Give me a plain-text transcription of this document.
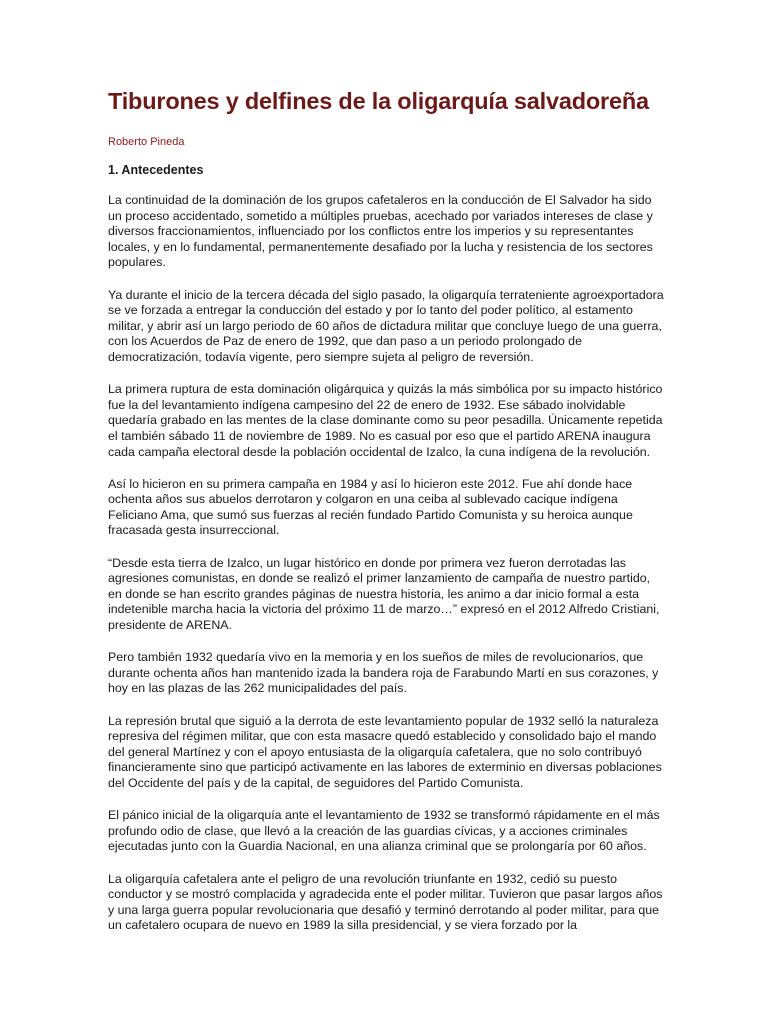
Tiburones y delfines de la oligarquía salvadoreña
Roberto Pineda
1. Antecedentes

La continuidad de la dominación de los grupos cafetaleros en la conducción de El Salvador ha sido un proceso accidentado, sometido a múltiples pruebas, acechado por variados intereses de clase y diversos fraccionamientos, influenciado por los conflictos entre los imperios y su representantes locales, y en lo fundamental, permanentemente desafiado por la lucha y resistencia de los sectores populares.

Ya durante el inicio de la tercera década del siglo pasado, la oligarquía terrateniente agroexportadora se ve forzada a entregar la conducción del estado y por lo tanto del poder político, al estamento militar, y abrir así un largo periodo de 60 años de dictadura militar que concluye luego de una guerra, con los Acuerdos de Paz de enero de 1992, que dan paso a un periodo prolongado de democratización, todavía vigente, pero siempre sujeta al peligro de reversión.

La primera ruptura de esta dominación oligárquica y quizás la más simbólica por su impacto histórico fue la del levantamiento indígena campesino del 22 de enero de 1932. Ese sábado inolvidable quedaría grabado en las mentes de la clase dominante como su peor pesadilla. Únicamente repetida el también sábado 11 de noviembre de 1989. No es casual por eso que el partido ARENA inaugura cada campaña electoral desde la población occidental de Izalco, la cuna indígena de la revolución.

Así lo hicieron en su primera campaña en 1984 y así lo hicieron este 2012. Fue ahí donde hace ochenta años sus abuelos derrotaron y colgaron en una ceiba al sublevado cacique indígena Feliciano Ama, que sumó sus fuerzas al recién fundado Partido Comunista y su heroica aunque fracasada gesta insurreccional.

“Desde esta tierra de Izalco, un lugar histórico en donde por primera vez fueron derrotadas las agresiones comunistas, en donde se realizó el primer lanzamiento de campaña de nuestro partido, en donde se han escrito grandes páginas de nuestra historia, les animo a dar inicio formal a esta indetenible marcha hacia la victoria del próximo 11 de marzo…” expresó en el 2012 Alfredo Cristiani, presidente de ARENA.

Pero también 1932 quedaría vivo en la memoria y en los sueños de miles de revolucionarios, que durante ochenta años han mantenido izada la bandera roja de Farabundo Martí en sus corazones, y hoy en las plazas de las 262 municipalidades del país.

La represión brutal que siguió a la derrota de este levantamiento popular de 1932 selló la naturaleza represiva del régimen militar, que con esta masacre quedó establecido y consolidado bajo el mando del general Martínez y con el apoyo entusiasta de la oligarquía cafetalera, que no solo contribuyó financieramente sino que participó activamente en las labores de exterminio en diversas poblaciones del Occidente del país y de la capital, de seguidores del Partido Comunista.

El pánico inicial de la oligarquía ante el levantamiento de 1932 se transformó rápidamente en el más profundo odio de clase, que llevó a la creación de las guardias cívicas, y a acciones criminales ejecutadas junto con la Guardia Nacional, en una alianza criminal que se prolongaría por 60 años.

La oligarquía cafetalera ante el peligro de una revolución triunfante en 1932, cedió su puesto conductor y se mostró complacida y agradecida ente el poder militar. Tuvieron que pasar largos años y una larga guerra popular revolucionaria que desafió y terminó derrotando al poder militar, para que un cafetalero ocupara de nuevo en 1989 la silla presidencial, y se viera forzado por la
